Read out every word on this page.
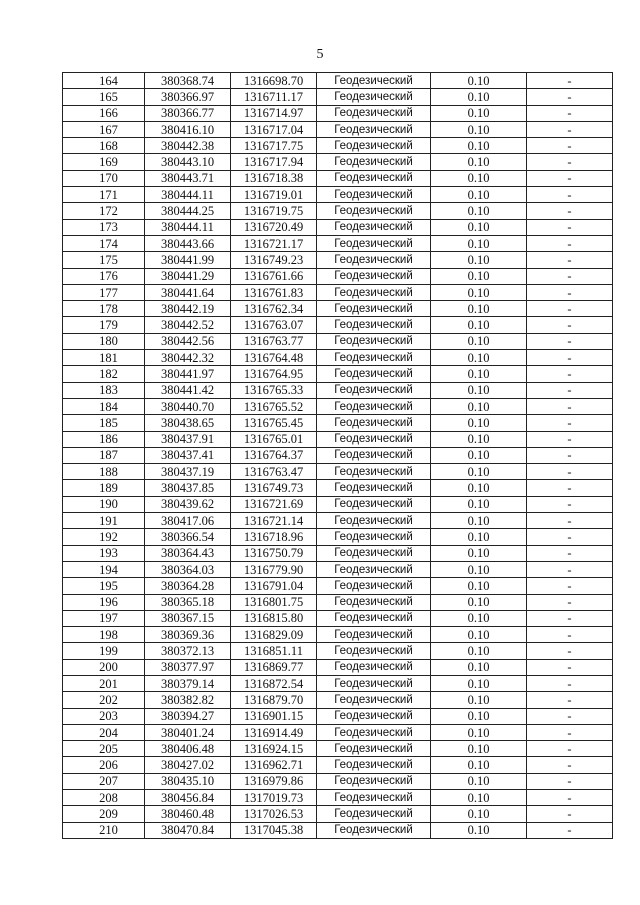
5
164	380368.74	1316698.70	Геодезический	0.10	-
165	380366.97	1316711.17	Геодезический	0.10	-
166	380366.77	1316714.97	Геодезический	0.10	-
167	380416.10	1316717.04	Геодезический	0.10	-
168	380442.38	1316717.75	Геодезический	0.10	-
169	380443.10	1316717.94	Геодезический	0.10	-
170	380443.71	1316718.38	Геодезический	0.10	-
171	380444.11	1316719.01	Геодезический	0.10	-
172	380444.25	1316719.75	Геодезический	0.10	-
173	380444.11	1316720.49	Геодезический	0.10	-
174	380443.66	1316721.17	Геодезический	0.10	-
175	380441.99	1316749.23	Геодезический	0.10	-
176	380441.29	1316761.66	Геодезический	0.10	-
177	380441.64	1316761.83	Геодезический	0.10	-
178	380442.19	1316762.34	Геодезический	0.10	-
179	380442.52	1316763.07	Геодезический	0.10	-
180	380442.56	1316763.77	Геодезический	0.10	-
181	380442.32	1316764.48	Геодезический	0.10	-
182	380441.97	1316764.95	Геодезический	0.10	-
183	380441.42	1316765.33	Геодезический	0.10	-
184	380440.70	1316765.52	Геодезический	0.10	-
185	380438.65	1316765.45	Геодезический	0.10	-
186	380437.91	1316765.01	Геодезический	0.10	-
187	380437.41	1316764.37	Геодезический	0.10	-
188	380437.19	1316763.47	Геодезический	0.10	-
189	380437.85	1316749.73	Геодезический	0.10	-
190	380439.62	1316721.69	Геодезический	0.10	-
191	380417.06	1316721.14	Геодезический	0.10	-
192	380366.54	1316718.96	Геодезический	0.10	-
193	380364.43	1316750.79	Геодезический	0.10	-
194	380364.03	1316779.90	Геодезический	0.10	-
195	380364.28	1316791.04	Геодезический	0.10	-
196	380365.18	1316801.75	Геодезический	0.10	-
197	380367.15	1316815.80	Геодезический	0.10	-
198	380369.36	1316829.09	Геодезический	0.10	-
199	380372.13	1316851.11	Геодезический	0.10	-
200	380377.97	1316869.77	Геодезический	0.10	-
201	380379.14	1316872.54	Геодезический	0.10	-
202	380382.82	1316879.70	Геодезический	0.10	-
203	380394.27	1316901.15	Геодезический	0.10	-
204	380401.24	1316914.49	Геодезический	0.10	-
205	380406.48	1316924.15	Геодезический	0.10	-
206	380427.02	1316962.71	Геодезический	0.10	-
207	380435.10	1316979.86	Геодезический	0.10	-
208	380456.84	1317019.73	Геодезический	0.10	-
209	380460.48	1317026.53	Геодезический	0.10	-
210	380470.84	1317045.38	Геодезический	0.10	-
